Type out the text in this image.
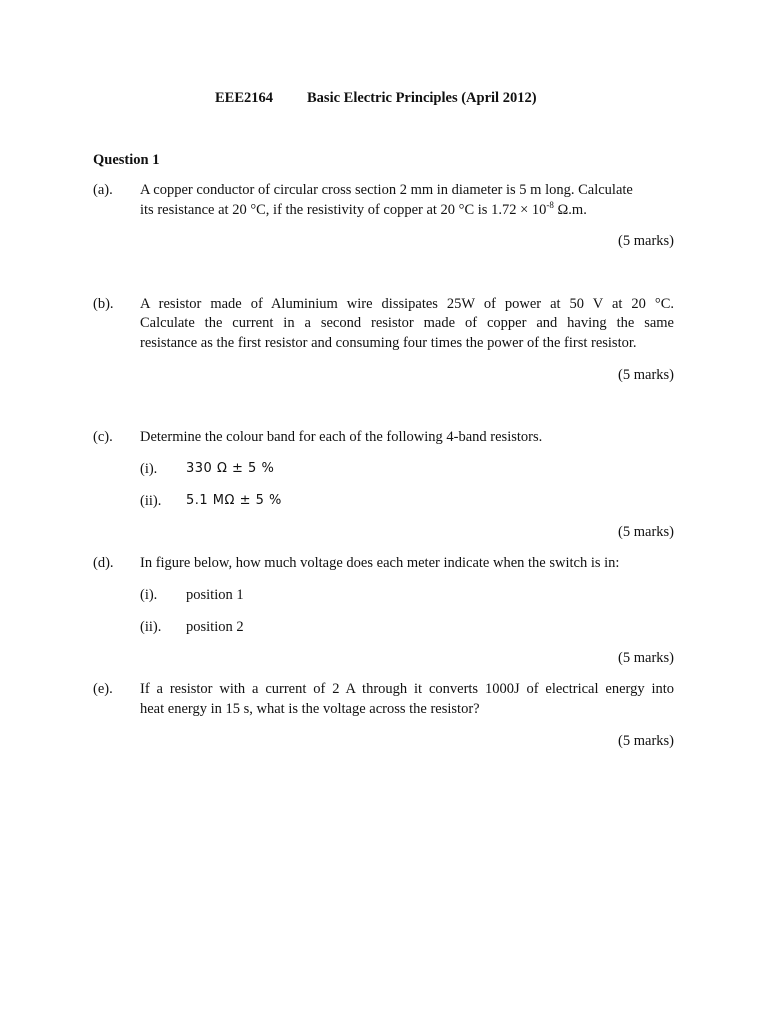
EEE2164 Basic Electric Principles (April 2012)
Question 1
(a). A copper conductor of circular cross section 2 mm in diameter is 5 m long. Calculate
its resistance at 20 °C, if the resistivity of copper at 20 °C is $1.72 \times 10^{-8}$ Ω.m.
(5 marks)
(b). A resistor made of Aluminium wire dissipates 25W of power at 50 V at 20 °C.
Calculate the current in a second resistor made of copper and having the same
resistance as the first resistor and consuming four times the power of the first resistor.
(5 marks)
(c). Determine the colour band for each of the following 4-band resistors.
(i). 330 Ω ± 5 %
(ii). 5.1 MΩ ± 5 %
(5 marks)
(d). In figure below, how much voltage does each meter indicate when the switch is in:
(i). position 1
(ii). position 2
(5 marks)
(e). If a resistor with a current of 2 A through it converts 1000J of electrical energy into
heat energy in 15 s, what is the voltage across the resistor?
(5 marks)
